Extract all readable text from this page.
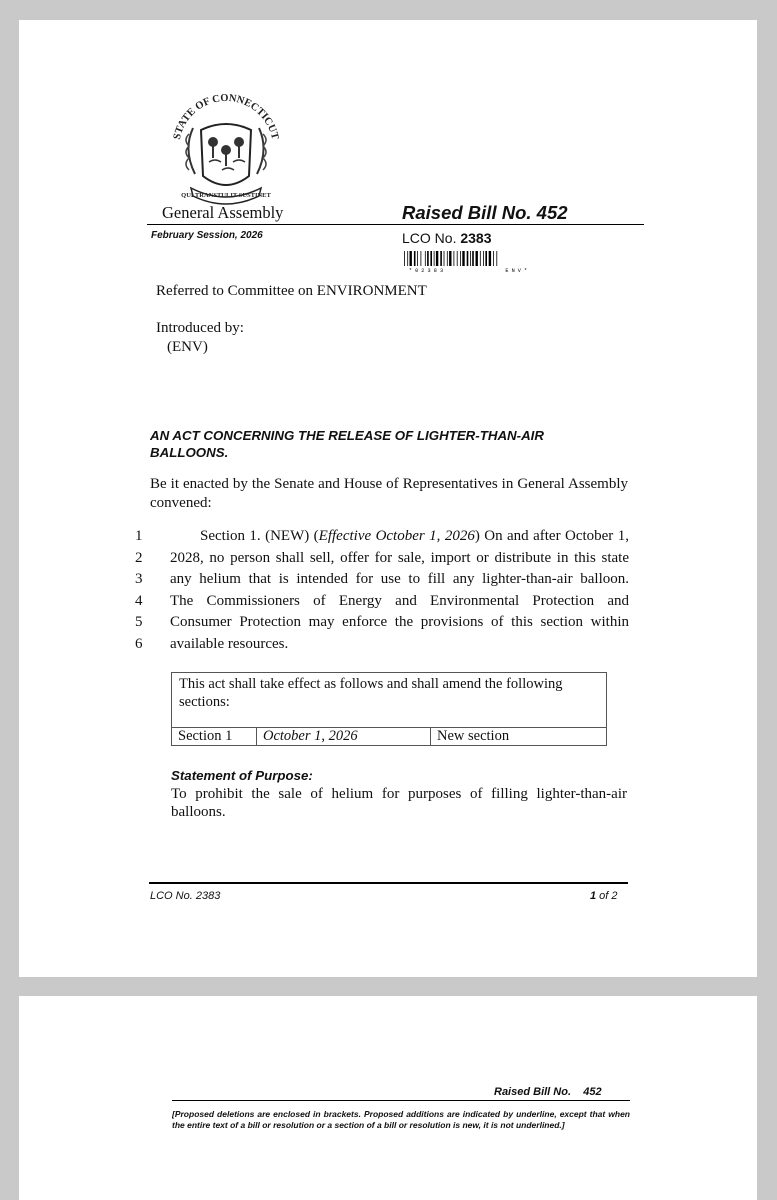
STATE OF CONNECTICUT
QUI TRANSTULIT SUSTINET
General Assembly	Raised Bill No. 452
February Session, 2026	LCO No. 2383
* 0 2 3 8 3                    E N V *
Referred to Committee on ENVIRONMENT
Introduced by:
(ENV)
AN ACT CONCERNING THE RELEASE OF LIGHTER-THAN-AIR BALLOONS.
Be it enacted by the Senate and House of Representatives in General Assembly convened:
1	Section 1. (NEW) (Effective October 1, 2026) On and after October 1,
2	2028, no person shall sell, offer for sale, import or distribute in this state
3	any helium that is intended for use to fill any lighter-than-air balloon.
4	The Commissioners of Energy and Environmental Protection and
5	Consumer Protection may enforce the provisions of this section within
6	available resources.
This act shall take effect as follows and shall amend the following sections:
Section 1	October 1, 2026	New section
Statement of Purpose:
To prohibit the sale of helium for purposes of filling lighter-than-air balloons.
LCO No. 2383	1 of 2
Raised Bill No. 452
[Proposed deletions are enclosed in brackets. Proposed additions are indicated by underline, except that when the entire text of a bill or resolution or a section of a bill or resolution is new, it is not underlined.]
